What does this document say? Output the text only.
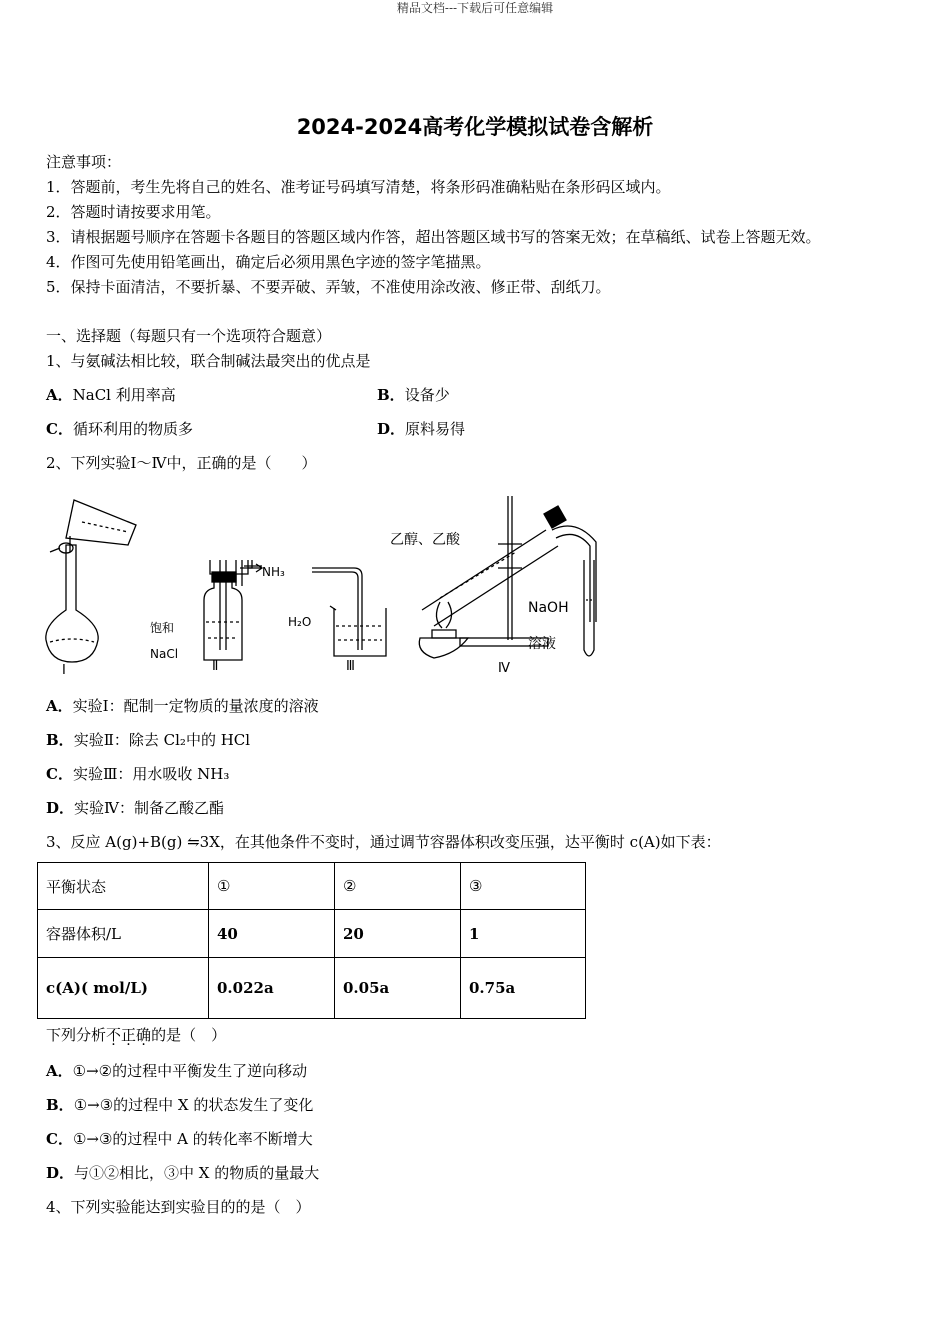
精品文档---下载后可任意编辑
2024-2024高考化学模拟试卷含解析
注意事项：
1．答题前，考生先将自己的姓名、准考证号码填写清楚，将条形码准确粘贴在条形码区域内。
2．答题时请按要求用笔。
3．请根据题号顺序在答题卡各题目的答题区域内作答，超出答题区域书写的答案无效；在草稿纸、试卷上答题无效。
4．作图可先使用铅笔画出，确定后必须用黑色字迹的签字笔描黑。
5．保持卡面清洁，不要折暴、不要弄破、弄皱，不准使用涂改液、修正带、刮纸刀。
一、选择题（每题只有一个选项符合题意）
1、与氨碱法相比较，联合制碱法最突出的优点是
A．NaCl 利用率高	B．设备少
C．循环利用的物质多	D．原料易得
2、下列实验Ⅰ～Ⅳ中，正确的是（　　）
Ⅰ	Ⅱ	Ⅲ	Ⅳ
饱和
NaCl
NH₃
H₂O
乙醇、乙酸
NaOH
溶液
A．实验Ⅰ：配制一定物质的量浓度的溶液
B．实验Ⅱ：除去 Cl₂中的 HCl
C．实验Ⅲ：用水吸收 NH₃
D．实验Ⅳ：制备乙酸乙酯
3、反应 A(g)+B(g) ⇋3X，在其他条件不变时，通过调节容器体积改变压强，达平衡时 c(A)如下表：
平衡状态	①	②	③
容器体积/L	40	20	1
c(A)( mol/L)	0.022a	0.05a	0.75a
下列分析不正确的是（　）
A．①→②的过程中平衡发生了逆向移动
B．①→③的过程中 X 的状态发生了变化
C．①→③的过程中 A 的转化率不断增大
D．与①②相比，③中 X 的物质的量最大
4、下列实验能达到实验目的的是（　）
